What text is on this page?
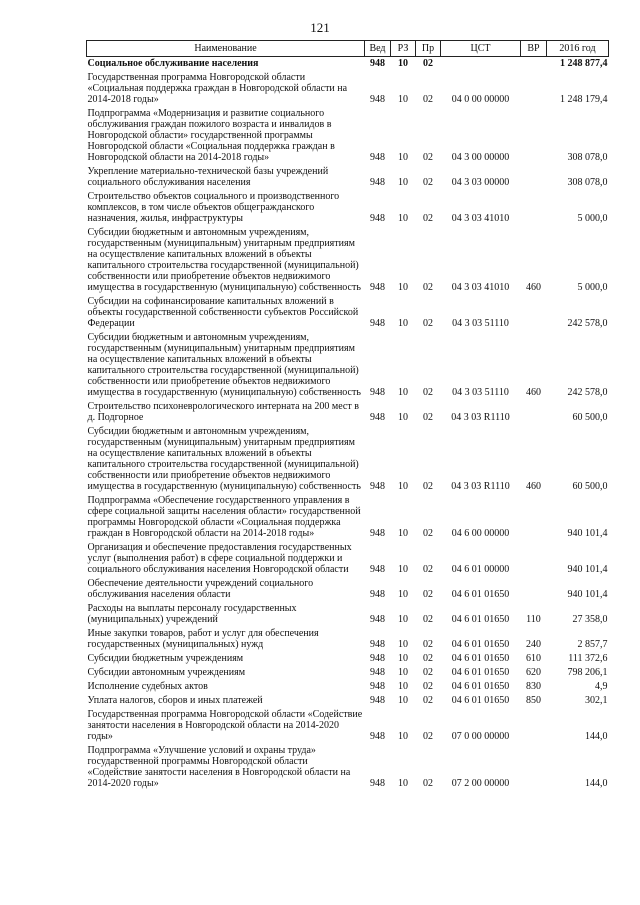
121
Наименование	Вед	РЗ	Пр	ЦСТ	ВР	2016 год
Социальное обслуживание населения	948	10	02			1 248 877,4
Государственная программа Новгородской области «Социальная поддержка граждан в Новгородской области на 2014-2018 годы»	948	10	02	04 0 00 00000		1 248 179,4
Подпрограмма «Модернизация и развитие социального обслуживания граждан пожилого возраста и инвалидов в Новгородской области» государственной программы Новгородской области «Социальная поддержка граждан в Новгородской области на 2014-2018 годы»	948	10	02	04 3 00 00000		308 078,0
Укрепление материально-технической базы учреждений социального обслуживания населения	948	10	02	04 3 03 00000		308 078,0
Строительство объектов социального и производственного комплексов, в том числе объектов общегражданского назначения, жилья, инфраструктуры	948	10	02	04 3 03 41010		5 000,0
Субсидии бюджетным и автономным учреждениям, государственным (муниципальным) унитарным предприятиям на осуществление капитальных вложений в объекты капитального строительства государственной (муниципальной) собственности или приобретение объектов недвижимого имущества в государственную (муниципальную) собственность	948	10	02	04 3 03 41010	460	5 000,0
Субсидии на софинансирование капитальных вложений в объекты государственной собственности субъектов Российской Федерации	948	10	02	04 3 03 51110		242 578,0
Субсидии бюджетным и автономным учреждениям, государственным (муниципальным) унитарным предприятиям на осуществление капитальных вложений в объекты капитального строительства государственной (муниципальной) собственности или приобретение объектов недвижимого имущества в государственную (муниципальную) собственность	948	10	02	04 3 03 51110	460	242 578,0
Строительство психоневрологического интерната на 200 мест в д. Подгорное	948	10	02	04 3 03 R1110		60 500,0
Субсидии бюджетным и автономным учреждениям, государственным (муниципальным) унитарным предприятиям на осуществление капитальных вложений в объекты капитального строительства государственной (муниципальной) собственности или приобретение объектов недвижимого имущества в государственную (муниципальную) собственность	948	10	02	04 3 03 R1110	460	60 500,0
Подпрограмма «Обеспечение государственного управления в сфере социальной защиты населения области» государственной программы Новгородской области «Социальная поддержка граждан в Новгородской области на 2014-2018 годы»	948	10	02	04 6 00 00000		940 101,4
Организация и обеспечение предоставления государственных услуг (выполнения работ) в сфере социальной поддержки и социального обслуживания населения Новгородской области	948	10	02	04 6 01 00000		940 101,4
Обеспечение деятельности учреждений социального обслуживания населения области	948	10	02	04 6 01 01650		940 101,4
Расходы на выплаты персоналу государственных (муниципальных) учреждений	948	10	02	04 6 01 01650	110	27 358,0
Иные закупки товаров, работ и услуг для обеспечения государственных (муниципальных) нужд	948	10	02	04 6 01 01650	240	2 857,7
Субсидии бюджетным учреждениям	948	10	02	04 6 01 01650	610	111 372,6
Субсидии автономным учреждениям	948	10	02	04 6 01 01650	620	798 206,1
Исполнение судебных актов	948	10	02	04 6 01 01650	830	4,9
Уплата налогов, сборов и иных платежей	948	10	02	04 6 01 01650	850	302,1
Государственная программа Новгородской области «Содействие занятости населения в Новгородской области на 2014-2020 годы»	948	10	02	07 0 00 00000		144,0
Подпрограмма «Улучшение условий и охраны труда» государственной программы Новгородской области «Содействие занятости населения в Новгородской области на 2014-2020 годы»	948	10	02	07 2 00 00000		144,0
